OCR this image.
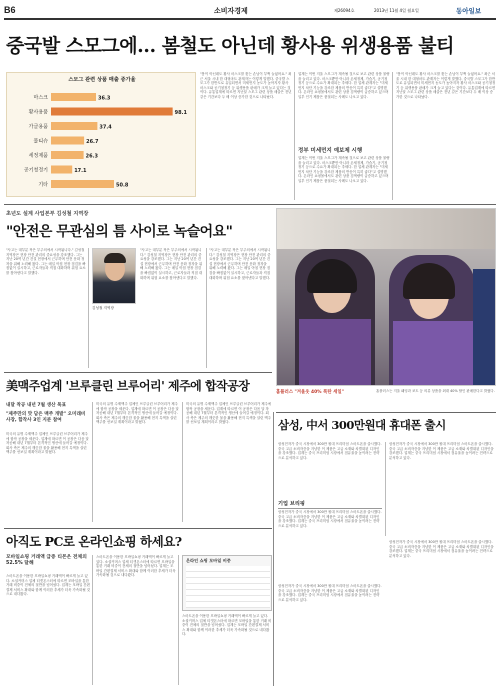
B6	소비자경제	제26094호	2013년 11월 4일 월요일	동아일보
중국발 스모그에… 봄철도 아닌데 황사용 위생용품 불티
스모그 관련 상품 매출 증가율
마스크	36.3
황사용품	98.1
가글용품	37.4
물티슈	26.7
세정제품	26.3
공기청정기	17.1
기타	50.8
"봄이 아닌데도 황사 마스크를 찾는 손님이 부쩍 늘었어요." 최근 서울 시내 한 대형마트 관계자는 이렇게 말했다. 중국발 스모그가 한반도로 유입되면서 미세먼지 농도가 높아지자 황사 마스크와 공기청정기 등 위생용품 판매가 크게 늘고 있다는 것이다. 유통업계에 따르면 지난달 스모그 관련 상품 매출은 전년 같은 기간보다 두 배 이상 증가한 것으로 나타났다.
업계는 이번 겨울 스모그가 계속될 것으로 보고 관련 상품 물량을 늘리고 있다. 마스크뿐만 아니라 손세정제, 가습기, 공기청정기 등으로 수요가 확대되는 추세다. 한 업체 관계자는 "미세먼지 차단 기능을 강조한 제품의 반응이 특히 좋다"고 설명했다. 온라인 쇼핑몰에서도 관련 상품 검색량이 급증하고 있으며 일부 인기 제품은 품절되는 사례도 나오고 있다.
정부 미세먼지 예보제 시행
업계는 이번 겨울 스모그가 계속될 것으로 보고 관련 상품 물량을 늘리고 있다. 마스크뿐만 아니라 손세정제, 가습기, 공기청정기 등으로 수요가 확대되는 추세다. 한 업체 관계자는 "미세먼지 차단 기능을 강조한 제품의 반응이 특히 좋다"고 설명했다. 온라인 쇼핑몰에서도 관련 상품 검색량이 급증하고 있으며 일부 인기 제품은 품절되는 사례도 나오고 있다.
"봄이 아닌데도 황사 마스크를 찾는 손님이 부쩍 늘었어요." 최근 서울 시내 한 대형마트 관계자는 이렇게 말했다. 중국발 스모그가 한반도로 유입되면서 미세먼지 농도가 높아지자 황사 마스크와 공기청정기 등 위생용품 판매가 크게 늘고 있다는 것이다. 유통업계에 따르면 지난달 스모그 관련 상품 매출은 전년 같은 기간보다 두 배 이상 증가한 것으로 나타났다.
초년도 설계 사업본부 김성철 지역장
"안전은 무관심의 틈 사이로 녹슬어요"
"사고는 대부분 작은 부주의에서 시작됩니다." 김성철 지역장은 현장 안전 관리의 중요성을 강조했다. 그는 지난 20여 년간 건설 현장에서 근무하며 안전 문화 정착을 위해 노력해 왔다. 그는 매일 아침 현장 점검을 빠짐없이 실시하고, 근로자들과 직접 대화하며 위험 요소를 찾아낸다고 말했다.
김성철 지역장
"사고는 대부분 작은 부주의에서 시작됩니다." 김성철 지역장은 현장 안전 관리의 중요성을 강조했다. 그는 지난 20여 년간 건설 현장에서 근무하며 안전 문화 정착을 위해 노력해 왔다. 그는 매일 아침 현장 점검을 빠짐없이 실시하고, 근로자들과 직접 대화하며 위험 요소를 찾아낸다고 말했다.
"사고는 대부분 작은 부주의에서 시작됩니다." 김성철 지역장은 현장 안전 관리의 중요성을 강조했다. 그는 지난 20여 년간 건설 현장에서 근무하며 안전 문화 정착을 위해 노력해 왔다. 그는 매일 아침 현장 점검을 빠짐없이 실시하고, 근로자들과 직접 대화하며 위험 요소를 찾아낸다고 말했다.
홈플러스 "겨울옷 40% 폭탄 세일"	홈플러스는 겨울 패딩과 코트 등 의류 상품을 최대 40% 할인 판매한다고 밝혔다.
美맥주업계 '브루클린 브루어리' 제주에 합작공장
내달 착공 내년 7월 생산 목표
"제주만의 맛 담은 맥주 개발" 오미래비 사장, 합작사 3인 지분 참여
미국의 유명 수제맥주 업체인 브루클린 브루어리가 제주에 합작 공장을 세운다. 업계에 따르면 이 공장은 다음 달 착공해 내년 7월부터 본격적인 생산에 들어갈 예정이다. 회사 측은 제주의 깨끗한 물을 활용해 현지 특색을 살린 맥주를 선보일 계획이라고 밝혔다.
미국의 유명 수제맥주 업체인 브루클린 브루어리가 제주에 합작 공장을 세운다. 업계에 따르면 이 공장은 다음 달 착공해 내년 7월부터 본격적인 생산에 들어갈 예정이다. 회사 측은 제주의 깨끗한 물을 활용해 현지 특색을 살린 맥주를 선보일 계획이라고 밝혔다.
미국의 유명 수제맥주 업체인 브루클린 브루어리가 제주에 합작 공장을 세운다. 업계에 따르면 이 공장은 다음 달 착공해 내년 7월부터 본격적인 생산에 들어갈 예정이다. 회사 측은 제주의 깨끗한 물을 활용해 현지 특색을 살린 맥주를 선보일 계획이라고 밝혔다.	삼성, 中서 300만원대 휴대폰 출시
삼성전자가 중국 시장에서 300만 원대 프리미엄 스마트폰을 출시했다. 중국 고급 소비자층을 겨냥한 이 제품은 고급 소재와 차별화된 디자인을 강조했다. 업계는 중국 프리미엄 시장에서 점유율을 높이려는 전략으로 분석하고 있다.
삼성전자가 중국 시장에서 300만 원대 프리미엄 스마트폰을 출시했다. 중국 고급 소비자층을 겨냥한 이 제품은 고급 소재와 차별화된 디자인을 강조했다. 업계는 중국 프리미엄 시장에서 점유율을 높이려는 전략으로 분석하고 있다.
기업 브리핑
삼성전자가 중국 시장에서 300만 원대 프리미엄 스마트폰을 출시했다. 중국 고급 소비자층을 겨냥한 이 제품은 고급 소재와 차별화된 디자인을 강조했다. 업계는 중국 프리미엄 시장에서 점유율을 높이려는 전략으로 분석하고 있다.
아직도 PC로 온라인쇼핑 하세요?
모바일쇼핑 거래액 급증 티몬은 전체의 52.5% 달해
스마트폰을 이용한 모바일쇼핑 거래액이 빠르게 늘고 있다. 소셜커머스 업체 티켓몬스터에 따르면 모바일을 통한 거래 비중이 전체의 절반을 넘어섰다. 업계는 모바일 간편결제 서비스 확대와 함께 이러한 추세가 더욱 가속화될 것으로 내다봤다.
스마트폰을 이용한 모바일쇼핑 거래액이 빠르게 늘고 있다. 소셜커머스 업체 티켓몬스터에 따르면 모바일을 통한 거래 비중이 전체의 절반을 넘어섰다. 업계는 모바일 간편결제 서비스 확대와 함께 이러한 추세가 더욱 가속화될 것으로 내다봤다.
온라인 쇼핑 모바일 비중
스마트폰을 이용한 모바일쇼핑 거래액이 빠르게 늘고 있다. 소셜커머스 업체 티켓몬스터에 따르면 모바일을 통한 거래 비중이 전체의 절반을 넘어섰다. 업계는 모바일 간편결제 서비스 확대와 함께 이러한 추세가 더욱 가속화될 것으로 내다봤다.
삼성전자가 중국 시장에서 300만 원대 프리미엄 스마트폰을 출시했다. 중국 고급 소비자층을 겨냥한 이 제품은 고급 소재와 차별화된 디자인을 강조했다. 업계는 중국 프리미엄 시장에서 점유율을 높이려는 전략으로 분석하고 있다.
삼성전자가 중국 시장에서 300만 원대 프리미엄 스마트폰을 출시했다. 중국 고급 소비자층을 겨냥한 이 제품은 고급 소재와 차별화된 디자인을 강조했다. 업계는 중국 프리미엄 시장에서 점유율을 높이려는 전략으로 분석하고 있다.
